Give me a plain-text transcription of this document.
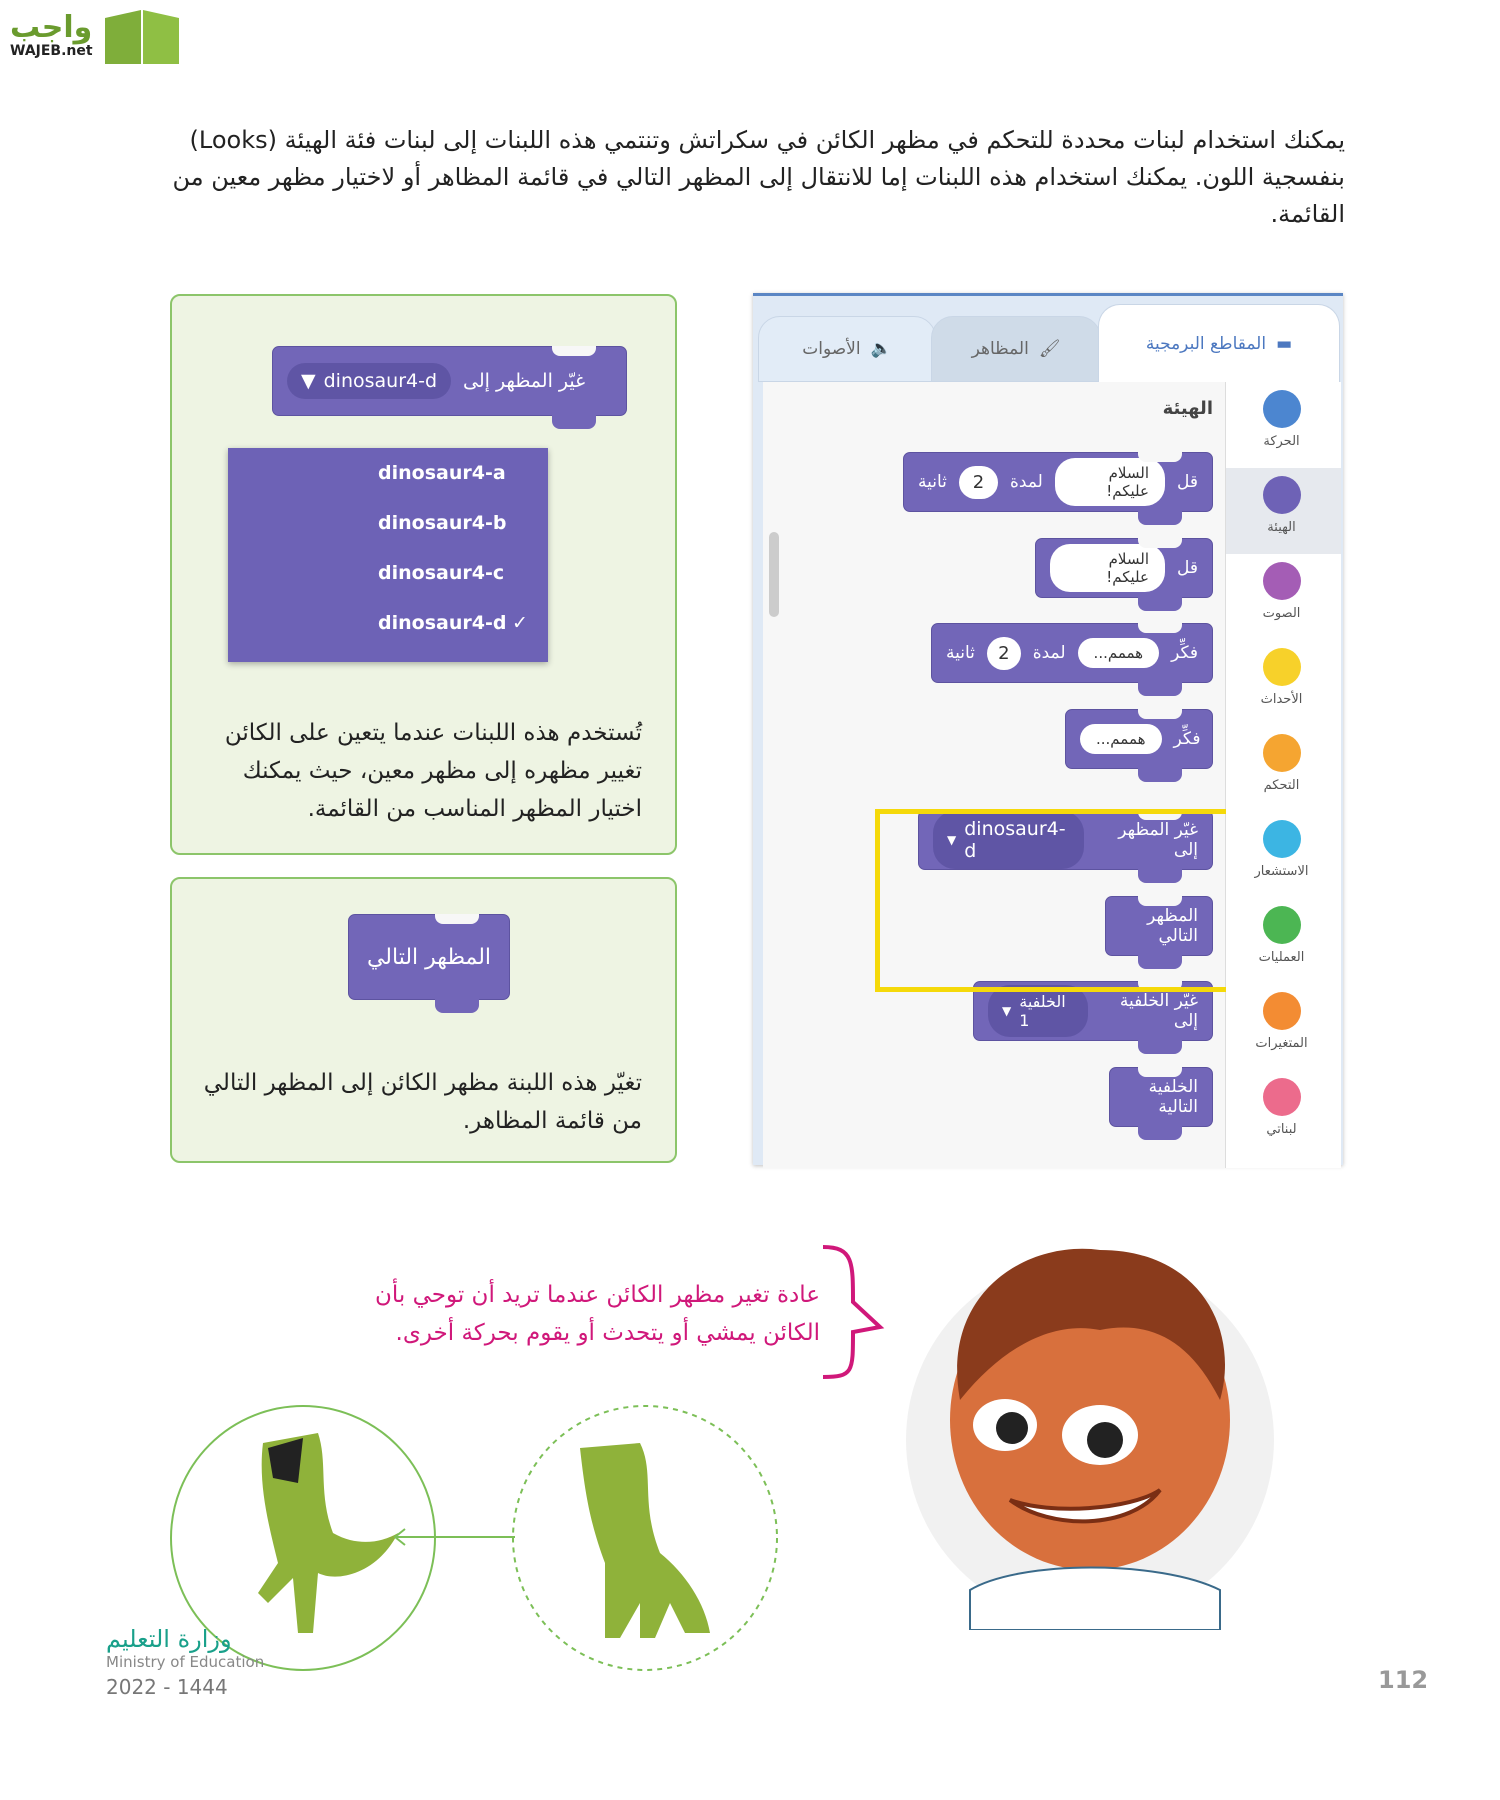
واجب
WAJEB.net
يمكنك استخدام لبنات محددة للتحكم في مظهر الكائن في سكراتش وتنتمي هذه اللبنات إلى لبنات فئة الهيئة (Looks) بنفسجية اللون. يمكنك استخدام هذه اللبنات إما للانتقال إلى المظهر التالي في قائمة المظاهر أو لاختيار مظهر معين من القائمة.
غيّر المظهر إلى
▼ dinosaur4-d
dinosaur4-a
dinosaur4-b
dinosaur4-c
dinosaur4-d ✓
تُستخدم هذه اللبنات عندما يتعين على الكائن تغيير مظهره إلى مظهر معين، حيث يمكنك اختيار المظهر المناسب من القائمة.
المظهر التالي
تغيّر هذه اللبنة مظهر الكائن إلى المظهر التالي من قائمة المظاهر.
🔈
الأصوات	🖌
المظاهر	▬
المقاطع البرمجية
الهيئة
قل
السلام عليكم!
لمدة
2
ثانية
قل
السلام عليكم!
فكِّر
هممم...
لمدة
2
ثانية
فكِّر
هممم...
غيّر المظهر إلى
▼ dinosaur4-d
المظهر التالي
غيّر الخلفية إلى
▼ الخلفية 1
الخلفية التالية
الحركة
الهيئة
الصوت
الأحداث
التحكم
الاستشعار
العمليات
المتغيرات
لبناتي
عادة تغير مظهر الكائن عندما تريد أن توحي بأن الكائن يمشي أو يتحدث أو يقوم بحركة أخرى.
وزارة التعليم
Ministry of Education
2022 - 1444	112
